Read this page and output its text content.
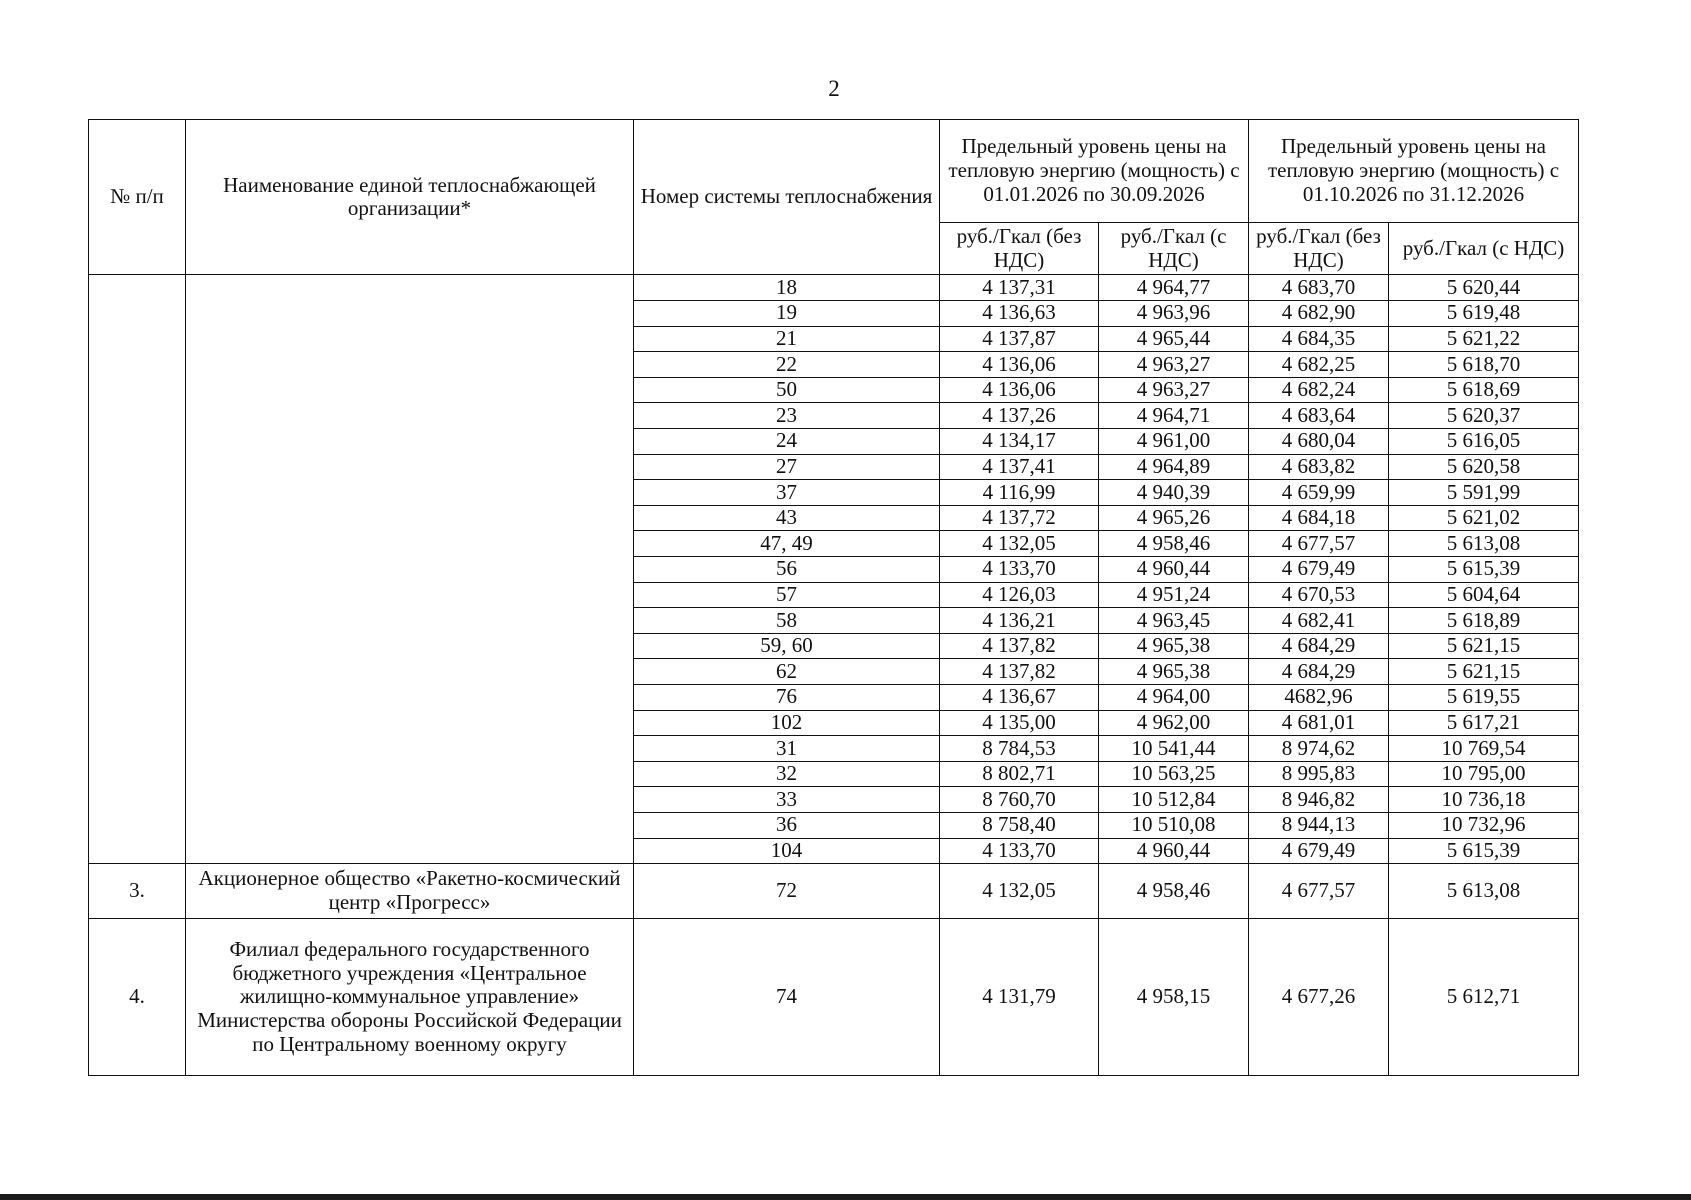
2
№ п/п	Наименование единой теплоснабжающей организации*	Номер системы теплоснабжения	Предельный уровень цены на тепловую энергию (мощность) с 01.01.2026 по 30.09.2026		Предельный уровень цены на тепловую энергию (мощность) с 01.10.2026 по 31.12.2026	
			руб./Гкал (без НДС)	руб./Гкал (с НДС)	руб./Гкал (без НДС)	руб./Гкал (с НДС)
		18	4 137,31	4 964,77	4 683,70	5 620,44
		19	4 136,63	4 963,96	4 682,90	5 619,48
		21	4 137,87	4 965,44	4 684,35	5 621,22
		22	4 136,06	4 963,27	4 682,25	5 618,70
		50	4 136,06	4 963,27	4 682,24	5 618,69
		23	4 137,26	4 964,71	4 683,64	5 620,37
		24	4 134,17	4 961,00	4 680,04	5 616,05
		27	4 137,41	4 964,89	4 683,82	5 620,58
		37	4 116,99	4 940,39	4 659,99	5 591,99
		43	4 137,72	4 965,26	4 684,18	5 621,02
		47, 49	4 132,05	4 958,46	4 677,57	5 613,08
		56	4 133,70	4 960,44	4 679,49	5 615,39
		57	4 126,03	4 951,24	4 670,53	5 604,64
		58	4 136,21	4 963,45	4 682,41	5 618,89
		59, 60	4 137,82	4 965,38	4 684,29	5 621,15
		62	4 137,82	4 965,38	4 684,29	5 621,15
		76	4 136,67	4 964,00	4682,96	5 619,55
		102	4 135,00	4 962,00	4 681,01	5 617,21
		31	8 784,53	10 541,44	8 974,62	10 769,54
		32	8 802,71	10 563,25	8 995,83	10 795,00
		33	8 760,70	10 512,84	8 946,82	10 736,18
		36	8 758,40	10 510,08	8 944,13	10 732,96
		104	4 133,70	4 960,44	4 679,49	5 615,39
3.	Акционерное общество «Ракетно-космический центр «Прогресс»	72	4 132,05	4 958,46	4 677,57	5 613,08
4.	Филиал федерального государственного бюджетного учреждения «Центральное жилищно-коммунальное управление» Министерства обороны Российской Федерации по Центральному военному округу	74	4 131,79	4 958,15	4 677,26	5 612,71
